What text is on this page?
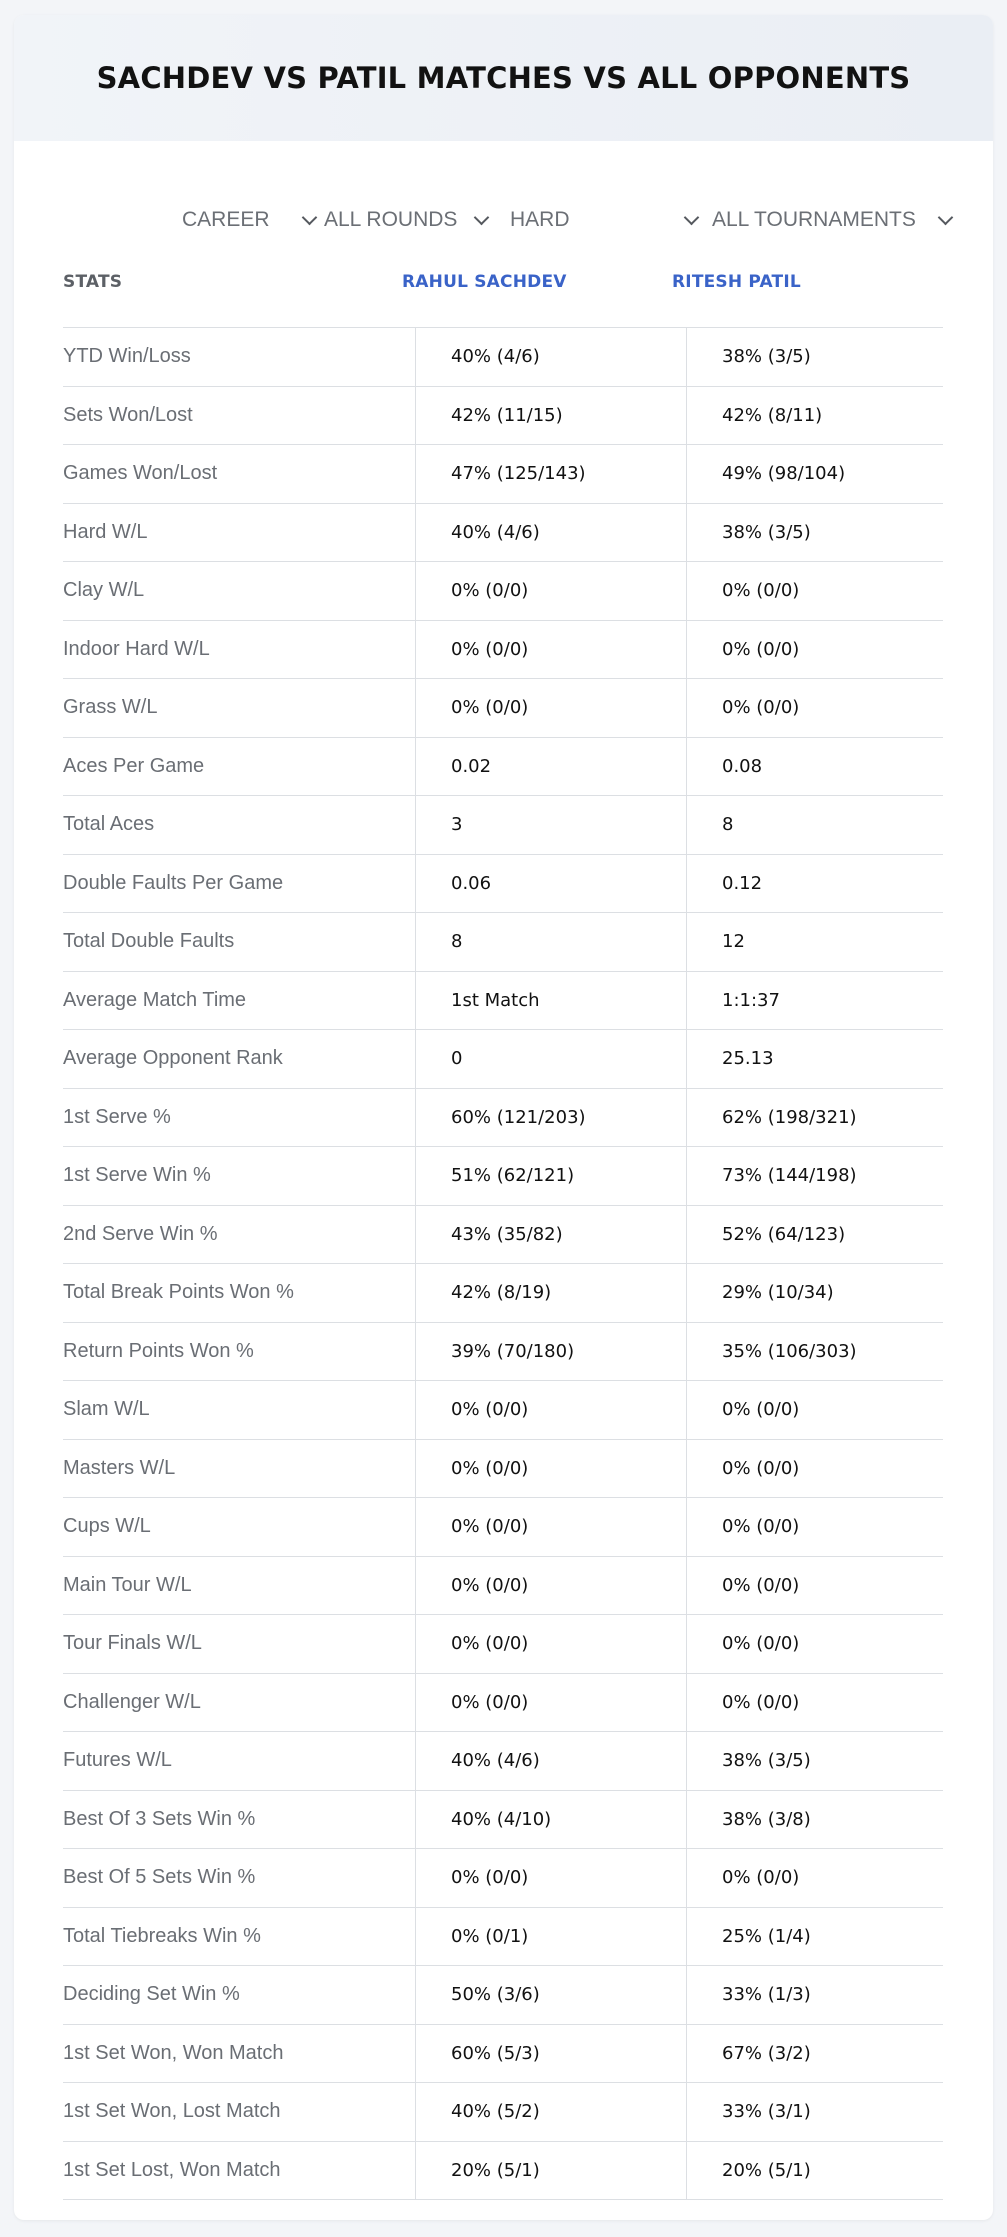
SACHDEV VS PATIL MATCHES VS ALL OPPONENTS
CAREER	ALL ROUNDS	HARD	ALL TOURNAMENTS
STATS	RAHUL SACHDEV	RITESH PATIL
YTD Win/Loss	40% (4/6)	38% (3/5)
Sets Won/Lost	42% (11/15)	42% (8/11)
Games Won/Lost	47% (125/143)	49% (98/104)
Hard W/L	40% (4/6)	38% (3/5)
Clay W/L	0% (0/0)	0% (0/0)
Indoor Hard W/L	0% (0/0)	0% (0/0)
Grass W/L	0% (0/0)	0% (0/0)
Aces Per Game	0.02	0.08
Total Aces	3	8
Double Faults Per Game	0.06	0.12
Total Double Faults	8	12
Average Match Time	1st Match	1:1:37
Average Opponent Rank	0	25.13
1st Serve %	60% (121/203)	62% (198/321)
1st Serve Win %	51% (62/121)	73% (144/198)
2nd Serve Win %	43% (35/82)	52% (64/123)
Total Break Points Won %	42% (8/19)	29% (10/34)
Return Points Won %	39% (70/180)	35% (106/303)
Slam W/L	0% (0/0)	0% (0/0)
Masters W/L	0% (0/0)	0% (0/0)
Cups W/L	0% (0/0)	0% (0/0)
Main Tour W/L	0% (0/0)	0% (0/0)
Tour Finals W/L	0% (0/0)	0% (0/0)
Challenger W/L	0% (0/0)	0% (0/0)
Futures W/L	40% (4/6)	38% (3/5)
Best Of 3 Sets Win %	40% (4/10)	38% (3/8)
Best Of 5 Sets Win %	0% (0/0)	0% (0/0)
Total Tiebreaks Win %	0% (0/1)	25% (1/4)
Deciding Set Win %	50% (3/6)	33% (1/3)
1st Set Won, Won Match	60% (5/3)	67% (3/2)
1st Set Won, Lost Match	40% (5/2)	33% (3/1)
1st Set Lost, Won Match	20% (5/1)	20% (5/1)
